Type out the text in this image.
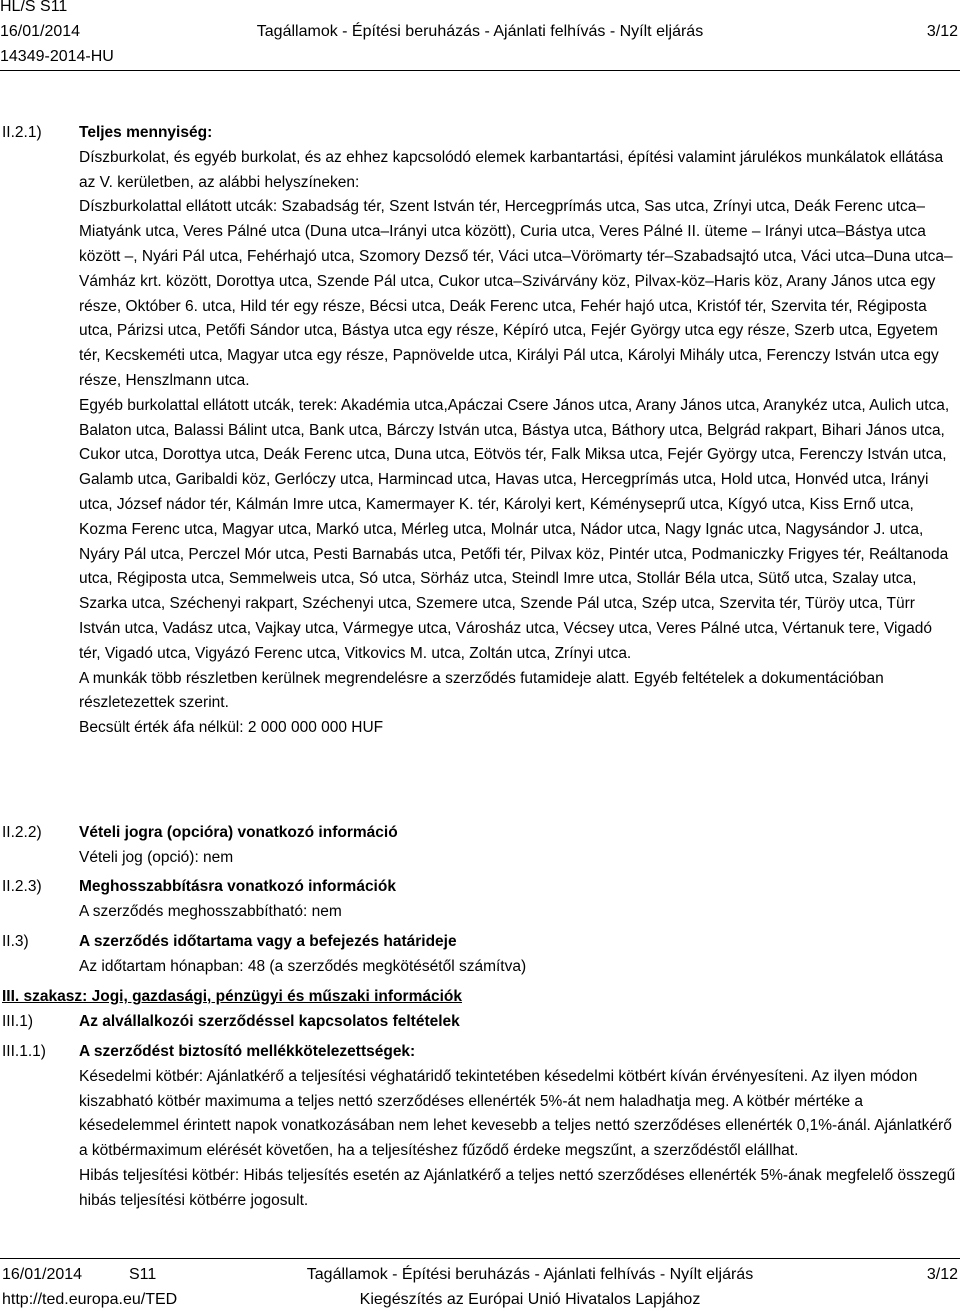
HL/S S11
16/01/2014	Tagállamok - Építési beruházás - Ajánlati felhívás - Nyílt eljárás	3/12
14349-2014-HU
II.2.1) Teljes mennyiség:

Díszburkolat, és egyéb burkolat, és az ehhez kapcsolódó elemek karbantartási, építési valamint járulékos munkálatok ellátása az V. kerületben, az alábbi helyszíneken:

Díszburkolattal ellátott utcák: Szabadság tér, Szent István tér, Hercegprímás utca, Sas utca, Zrínyi utca, Deák Ferenc utca–Miatyánk utca, Veres Pálné utca (Duna utca–Irányi utca között), Curia utca, Veres Pálné II. üteme – Irányi utca–Bástya utca között –, Nyári Pál utca, Fehérhajó utca, Szomory Dezső tér, Váci utca–Vörömarty tér–Szabadsajtó utca, Váci utca–Duna utca–Vámház krt. között, Dorottya utca, Szende Pál utca, Cukor utca–Szivárvány köz, Pilvax-köz–Haris köz, Arany János utca egy része, Október 6. utca, Hild tér egy része, Bécsi utca, Deák Ferenc utca, Fehér hajó utca, Kristóf tér, Szervita tér, Régiposta utca, Párizsi utca, Petőfi Sándor utca, Bástya utca egy része, Képíró utca, Fejér György utca egy része, Szerb utca, Egyetem tér, Kecskeméti utca, Magyar utca egy része, Papnövelde utca, Királyi Pál utca, Károlyi Mihály utca, Ferenczy István utca egy része, Henszlmann utca.

Egyéb burkolattal ellátott utcák, terek: Akadémia utca,Apáczai Csere János utca, Arany János utca, Aranykéz utca, Aulich utca, Balaton utca, Balassi Bálint utca, Bank utca, Bárczy István utca, Bástya utca, Báthory utca, Belgrád rakpart, Bihari János utca, Cukor utca, Dorottya utca, Deák Ferenc utca, Duna utca, Eötvös tér, Falk Miksa utca, Fejér György utca, Ferenczy István utca, Galamb utca, Garibaldi köz, Gerlóczy utca, Harmincad utca, Havas utca, Hercegprímás utca, Hold utca, Honvéd utca, Irányi utca, József nádor tér, Kálmán Imre utca, Kamermayer K. tér, Károlyi kert, Kéményseprű utca, Kígyó utca, Kiss Ernő utca, Kozma Ferenc utca, Magyar utca, Markó utca, Mérleg utca, Molnár utca, Nádor utca, Nagy Ignác utca, Nagysándor J. utca, Nyáry Pál utca, Perczel Mór utca, Pesti Barnabás utca, Petőfi tér, Pilvax köz, Pintér utca, Podmaniczky Frigyes tér, Reáltanoda utca, Régiposta utca, Semmelweis utca, Só utca, Sörház utca, Steindl Imre utca, Stollár Béla utca, Sütő utca, Szalay utca, Szarka utca, Széchenyi rakpart, Széchenyi utca, Szemere utca, Szende Pál utca, Szép utca, Szervita tér, Türöy utca, Türr István utca, Vadász utca, Vajkay utca, Vármegye utca, Városház utca, Vécsey utca, Veres Pálné utca, Vértanuk tere, Vigadó tér, Vigadó utca, Vigyázó Ferenc utca, Vitkovics M. utca, Zoltán utca, Zrínyi utca.

A munkák több részletben kerülnek megrendelésre a szerződés futamideje alatt. Egyéb feltételek a dokumentációban részletezettek szerint.

Becsült érték áfa nélkül: 2 000 000 000 HUF

II.2.2) Vételi jogra (opcióra) vonatkozó információ

Vételi jog (opció): nem

II.2.3) Meghosszabbításra vonatkozó információk

A szerződés meghosszabbítható: nem

II.3)	A szerződés időtartama vagy a befejezés határideje

Az időtartam hónapban: 48 (a szerződés megkötésétől számítva)

III. szakasz: Jogi, gazdasági, pénzügyi és műszaki információk
III.1)	Az alvállalkozói szerződéssel kapcsolatos feltételek

III.1.1) A szerződést biztosító mellékkötelezettségek:

Késedelmi kötbér: Ajánlatkérő a teljesítési véghatáridő tekintetében késedelmi kötbért kíván érvényesíteni. Az ilyen módon kiszabható kötbér maximuma a teljes nettó szerződéses ellenérték 5%-át nem haladhatja meg. A kötbér mértéke a késedelemmel érintett napok vonatkozásában nem lehet kevesebb a teljes nettó szerződéses ellenérték 0,1%-ánál. Ajánlatkérő a kötbérmaximum elérését követően, ha a teljesítéshez fűződő érdeke megszűnt, a szerződéstől elállhat.

Hibás teljesítési kötbér: Hibás teljesítés esetén az Ajánlatkérő a teljes nettó szerződéses ellenérték 5%-ának megfelelő összegű hibás teljesítési kötbérre jogosult.

16/01/2014	S11
http://ted.europa.eu/TED
Tagállamok - Építési beruházás - Ajánlati felhívás - Nyílt eljárás
Kiegészítés az Európai Unió Hivatalos Lapjához
3/12
